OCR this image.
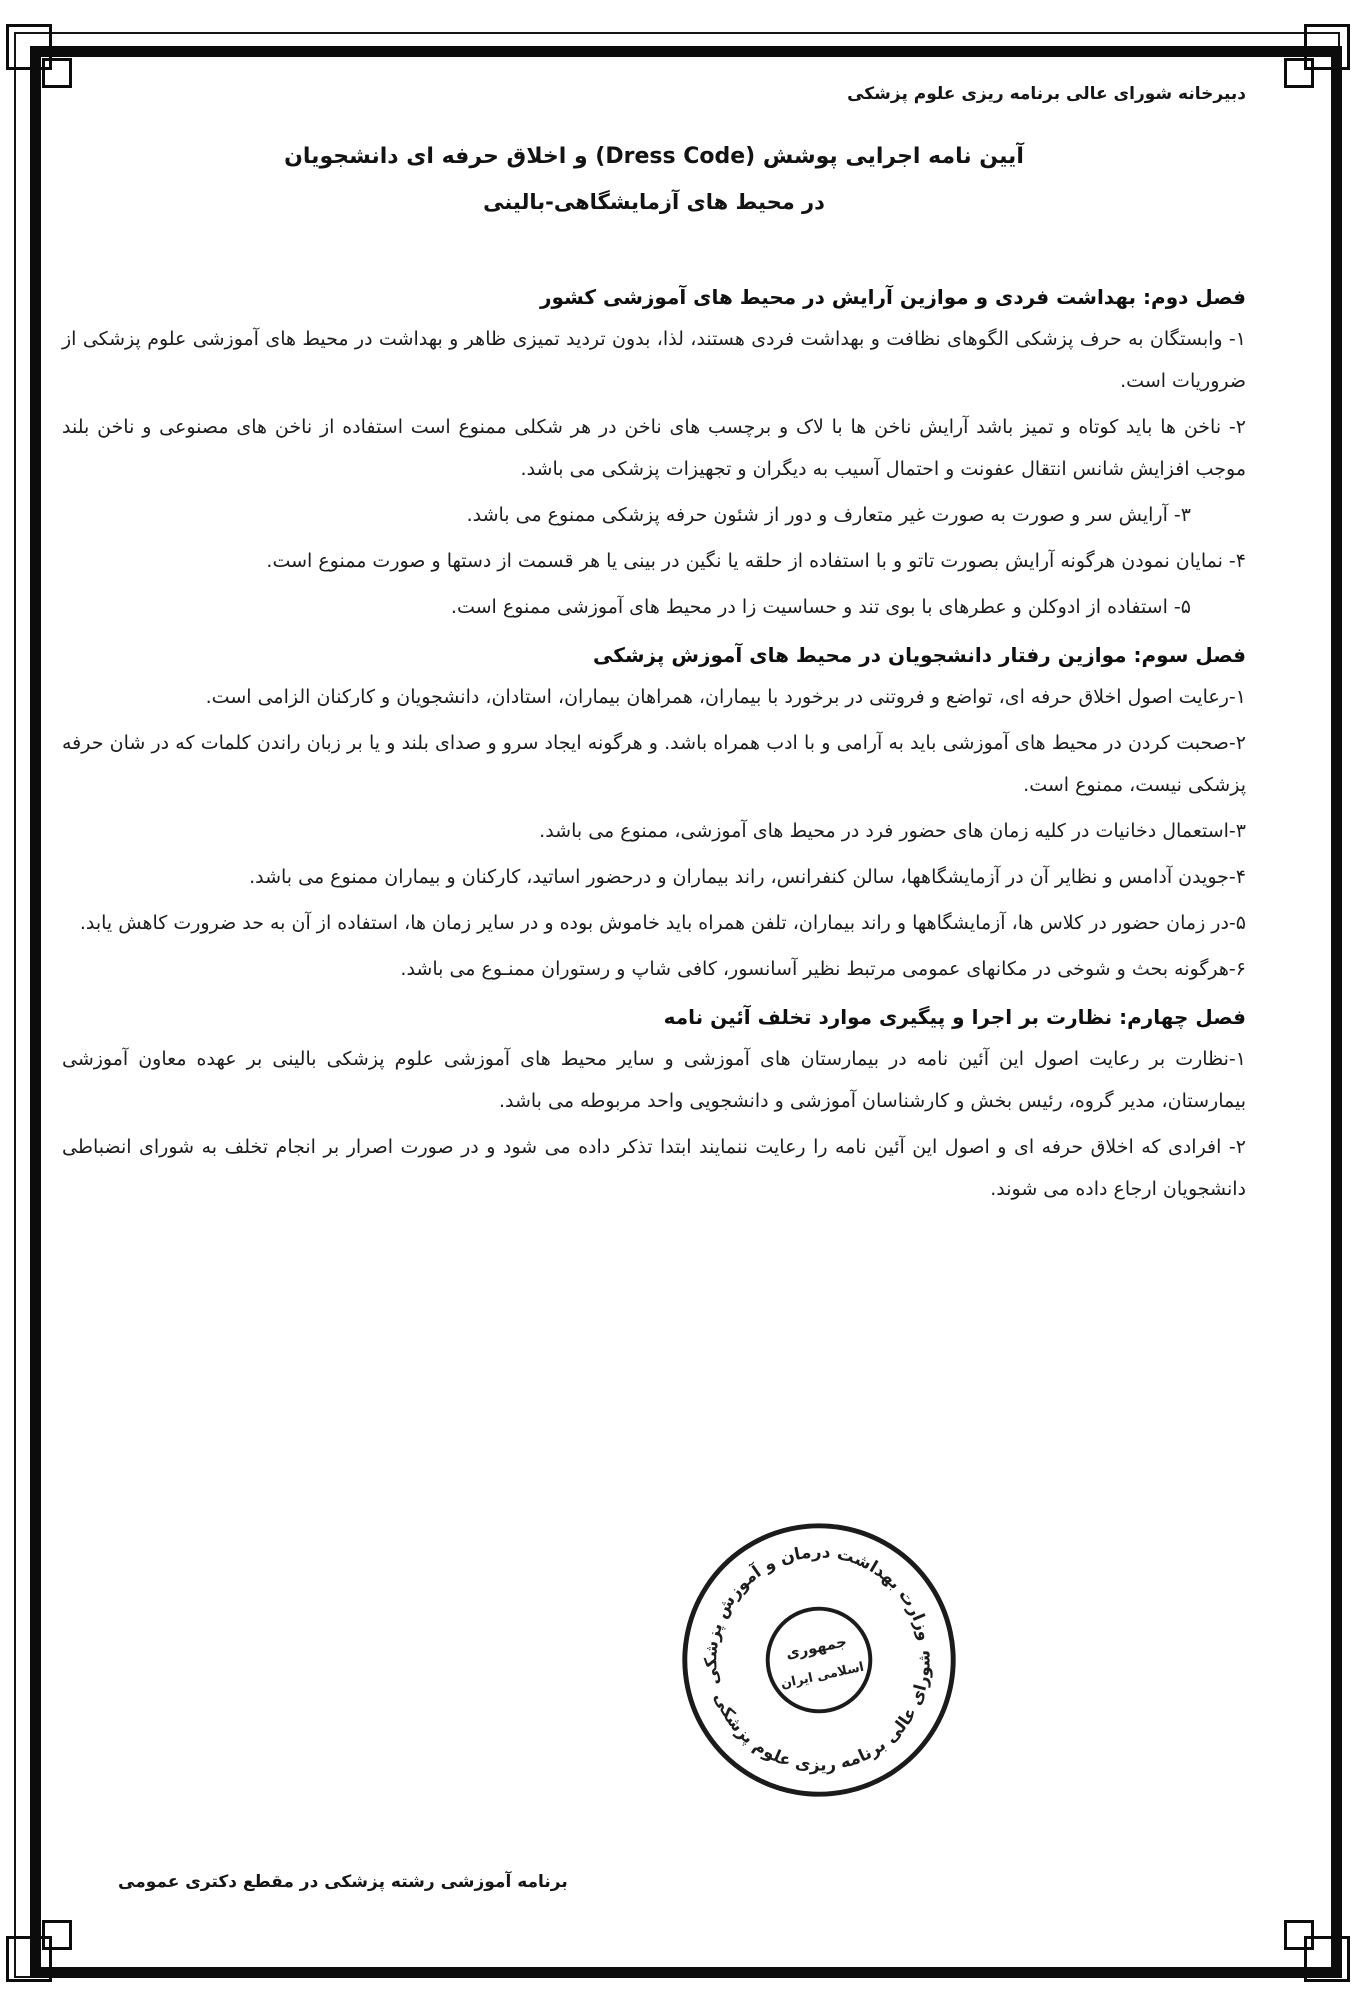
دبیرخانه شورای عالی برنامه ریزی علوم پزشکی
آیین نامه اجرایی پوشش (Dress Code) و اخلاق حرفه ای دانشجویان
در محیط های آزمایشگاهی-بالینی
فصل دوم: بهداشت فردی و موازین آرایش در محیط های آموزشی کشور

۱- وابستگان به حرف پزشکی الگوهای نظافت و بهداشت فردی هستند، لذا، بدون تردید تمیزی ظاهر و بهداشت در محیط های آموزشی علوم پزشکی از ضروریات است.

۲- ناخن ها باید کوتاه و تمیز باشد آرایش ناخن ها با لاک و برچسب های ناخن در هر شکلی ممنوع است استفاده از ناخن های مصنوعی و ناخن بلند موجب افزایش شانس انتقال عفونت و احتمال آسیب به دیگران و تجهیزات پزشکی می باشد.

۳- آرایش سر و صورت به صورت غیر متعارف و دور از شئون حرفه پزشکی ممنوع می باشد.

۴- نمایان نمودن هرگونه آرایش بصورت تاتو و با استفاده از حلقه یا نگین در بینی یا هر قسمت از دستها و صورت ممنوع است.

۵- استفاده از ادوکلن و عطرهای با بوی تند و حساسیت زا در محیط های آموزشی ممنوع است.

فصل سوم: موازین رفتار دانشجویان در محیط های آموزش پزشکی

۱-رعایت اصول اخلاق حرفه ای، تواضع و فروتنی در برخورد با بیماران، همراهان بیماران، استادان، دانشجویان و کارکنان الزامی است.

۲-صحبت کردن در محیط های آموزشی باید به آرامی و با ادب همراه باشد. و هرگونه ایجاد سرو و صدای بلند و یا بر زبان راندن کلمات که در شان حرفه پزشکی نیست، ممنوع است.

۳-استعمال دخانیات در کلیه زمان های حضور فرد در محیط های آموزشی، ممنوع می باشد.

۴-جویدن آدامس و نظایر آن در آزمایشگاهها، سالن کنفرانس، راند بیماران و درحضور اساتید، کارکنان و بیماران ممنوع می باشد.

۵-در زمان حضور در کلاس ها، آزمایشگاهها و راند بیماران، تلفن همراه باید خاموش بوده و در سایر زمان ها، استفاده از آن به حد ضرورت کاهش یابد.

۶-هرگونه بحث و شوخی در مکانهای عمومی مرتبط نظیر آسانسور، کافی شاپ و رستوران ممنـوع می باشد.

فصل چهارم: نظارت بر اجرا و پیگیری موارد تخلف آئین نامه

۱-نظارت بر رعایت اصول این آئین نامه در بیمارستان های آموزشی و سایر محیط های آموزشی علوم پزشکی بالینی بر عهده معاون آموزشی بیمارستان، مدیر گروه، رئیس بخش و کارشناسان آموزشی و دانشجویی واحد مربوطه می باشد.

۲- افرادی که اخلاق حرفه ای و اصول این آئین نامه را رعایت ننمایند ابتدا تذکر داده می شود و در صورت اصرار بر انجام تخلف به شورای انضباطی دانشجویان ارجاع داده می شوند.

وزارت بهداشت درمان و آموزش پزشکی
شورای عالی برنامه ریزی علوم پزشکی
جمهوری
اسلامی ایران
برنامه آموزشی رشته پزشکی در مقطع دکتری عمومی
